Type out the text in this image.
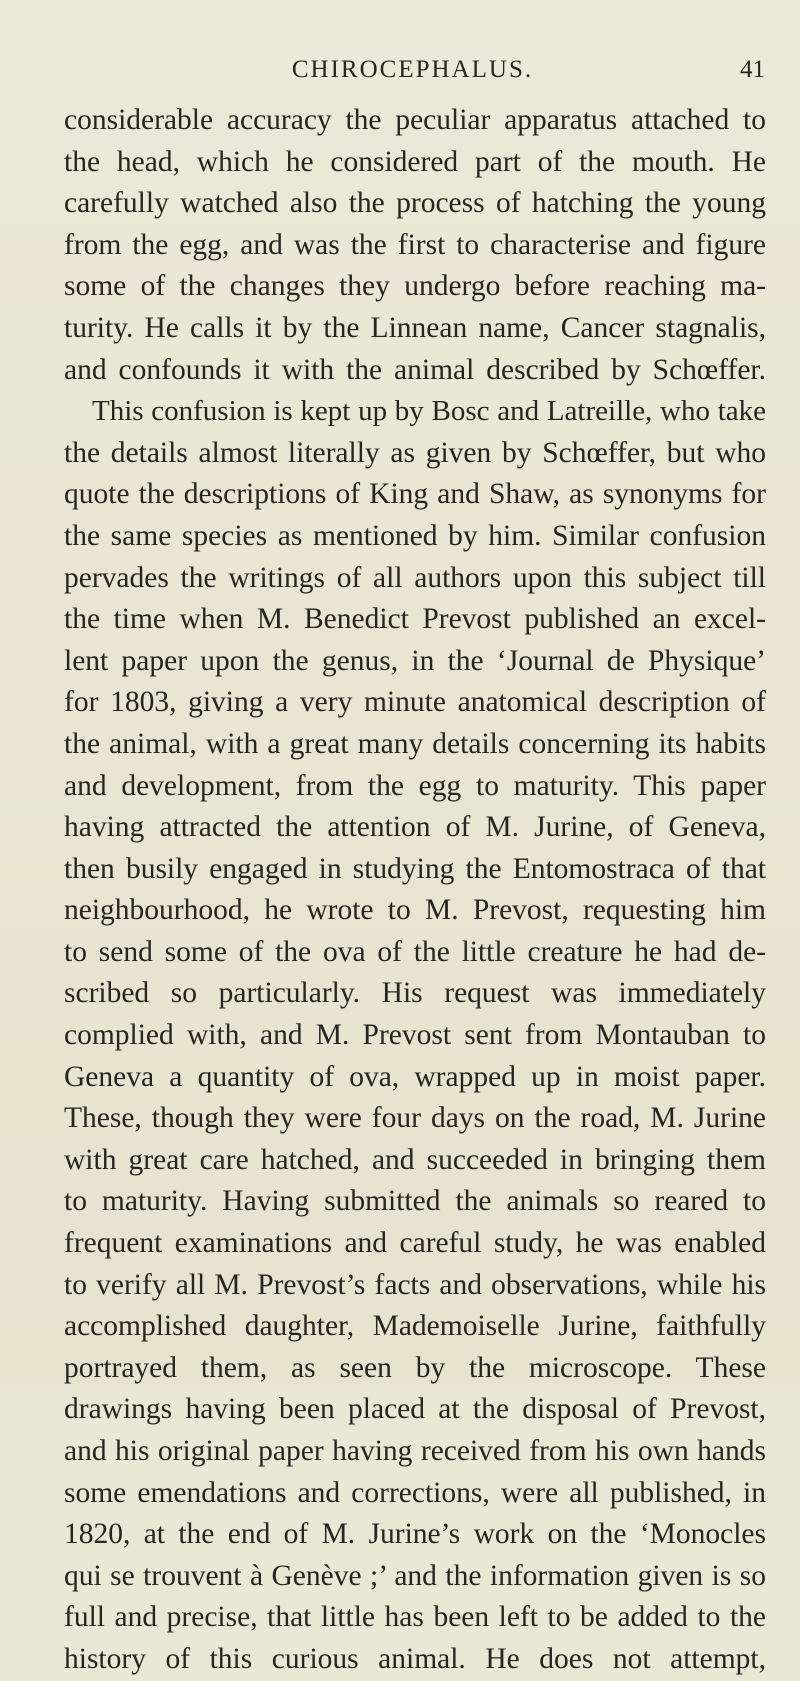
CHIROCEPHALUS.	41
considerable accuracy the peculiar apparatus attached to
the head, which he considered part of the mouth. He
carefully watched also the process of hatching the young
from the egg, and was the first to characterise and figure
some of the changes they undergo before reaching ma-
turity. He calls it by the Linnean name, Cancer stagnalis,
and confounds it with the animal described by Schœffer.
This confusion is kept up by Bosc and Latreille, who take
the details almost literally as given by Schœffer, but who
quote the descriptions of King and Shaw, as synonyms for
the same species as mentioned by him. Similar confusion
pervades the writings of all authors upon this subject till
the time when M. Benedict Prevost published an excel-
lent paper upon the genus, in the ‘Journal de Physique’
for 1803, giving a very minute anatomical description of
the animal, with a great many details concerning its habits
and development, from the egg to maturity. This paper
having attracted the attention of M. Jurine, of Geneva,
then busily engaged in studying the Entomostraca of that
neighbourhood, he wrote to M. Prevost, requesting him
to send some of the ova of the little creature he had de-
scribed so particularly. His request was immediately
complied with, and M. Prevost sent from Montauban to
Geneva a quantity of ova, wrapped up in moist paper.
These, though they were four days on the road, M. Jurine
with great care hatched, and succeeded in bringing them
to maturity. Having submitted the animals so reared to
frequent examinations and careful study, he was enabled
to verify all M. Prevost’s facts and observations, while his
accomplished daughter, Mademoiselle Jurine, faithfully
portrayed them, as seen by the microscope. These
drawings having been placed at the disposal of Prevost,
and his original paper having received from his own hands
some emendations and corrections, were all published, in
1820, at the end of M. Jurine’s work on the ‘Monocles
qui se trouvent à Genève ;’ and the information given is so
full and precise, that little has been left to be added to the
history of this curious animal. He does not attempt,
